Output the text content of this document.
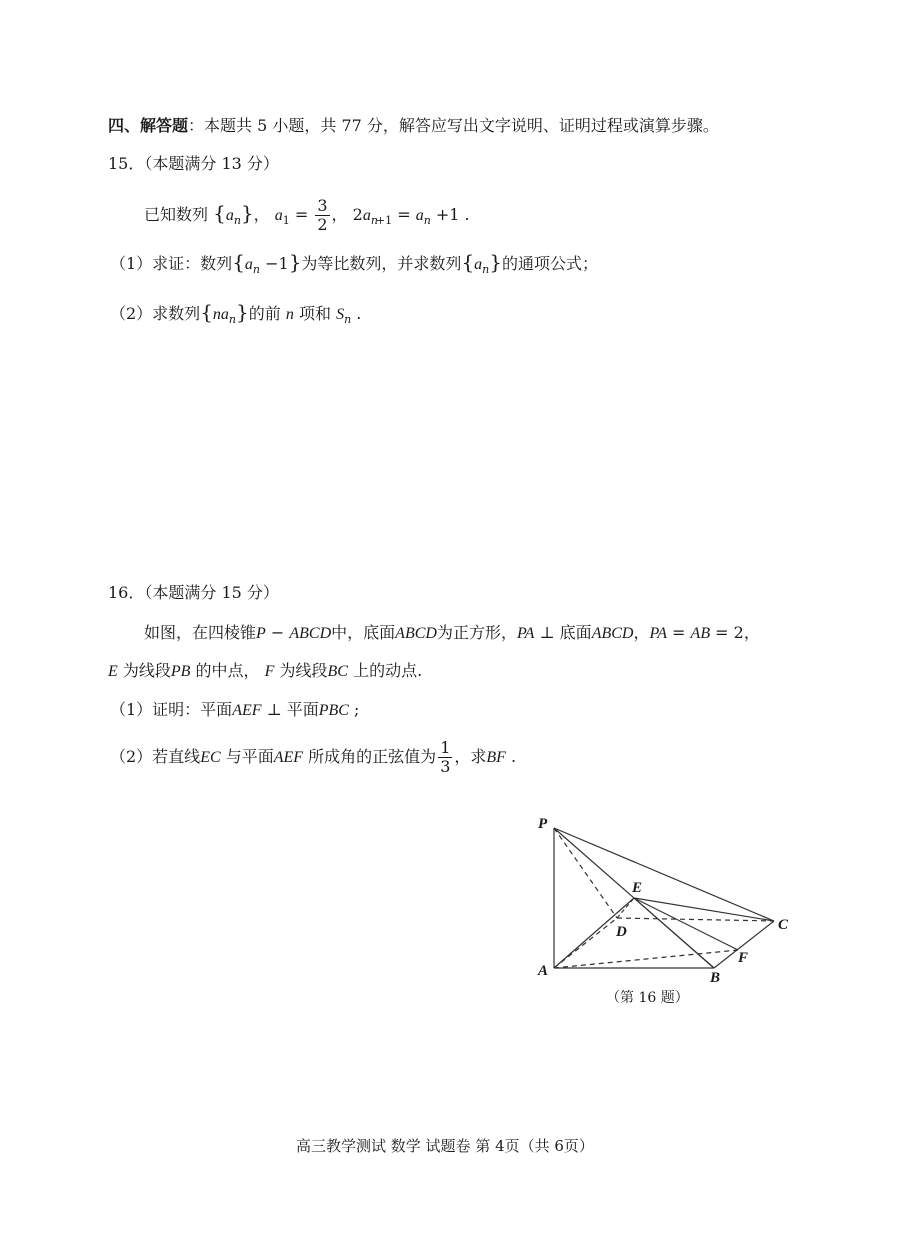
四、解答题：本题共 5 小题，共 77 分，解答应写出文字说明、证明过程或演算步骤。
15．（本题满分 13 分）
已知数列 $\{a_n\}$， $a_1 = \frac{3}{2}$ ， $2a_{n+1} = a_n +1$ .
（1）求证：数列$\{a_n -1\}$为等比数列，并求数列$\{a_n\}$的通项公式；
（2）求数列$\{na_n\}$的前 n 项和 $S_n$ .
16．（本题满分 15 分）
如图，在四棱锥P − ABCD中，底面ABCD为正方形，PA ⊥ 底面ABCD，PA = AB = 2，
E 为线段PB 的中点， F 为线段BC 上的动点.
（1）证明：平面AEF ⊥ 平面PBC ;
（2）若直线EC 与平面AEF 所成角的正弦值为 $\frac{1}{3}$ ，求BF .
P
E
D	C
A	B
F
（第 16 题）
高三教学测试 数学 试题卷 第 4页（共 6页）
